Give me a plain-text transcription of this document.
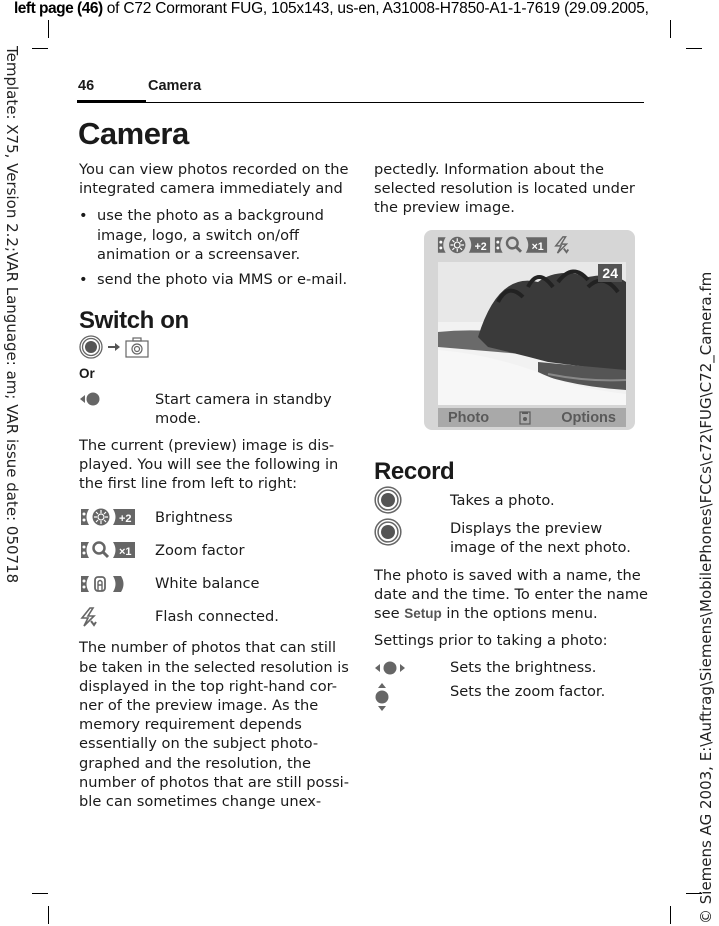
left page (46) of C72 Cormorant FUG, 105x143, us-en, A31008-H7850-A1-1-7619 (29.09.2005,
Template: X75, Version 2.2;VAR Language: am; VAR issue date: 050718	© Siemens AG 2003, E:\Auftrag\Siemens\MobilePhones\FCCs\c72\FUG\C72_Camera.fm
46	Camera
Camera

You can view photos recorded on the integrated camera immediately and

• use the photo as a background image, logo, a switch on/off animation or a screensaver.
• send the photo via MMS or e-mail.
Switch on
Or
Start camera in standby mode.

The current (preview) image is dis-played. You will see the following in the first line from left to right:

+2 Brightness
×1 Zoom factor
White balance
Flash connected.

The number of photos that can still be taken in the selected resolution is displayed in the top right-hand cor-ner of the preview image. As the memory requirement depends essentially on the subject photo-graphed and the resolution, the number of photos that are still possi-ble can sometimes change unex-

pectedly. Information about the selected resolution is located under the preview image.

+2	×1
24
Photo	Options
Record
Takes a photo.
Displays the preview image of the next photo.

The photo is saved with a name, the date and the time. To enter the name see Setup in the options menu.

Settings prior to taking a photo:

Sets the brightness.
Sets the zoom factor.
